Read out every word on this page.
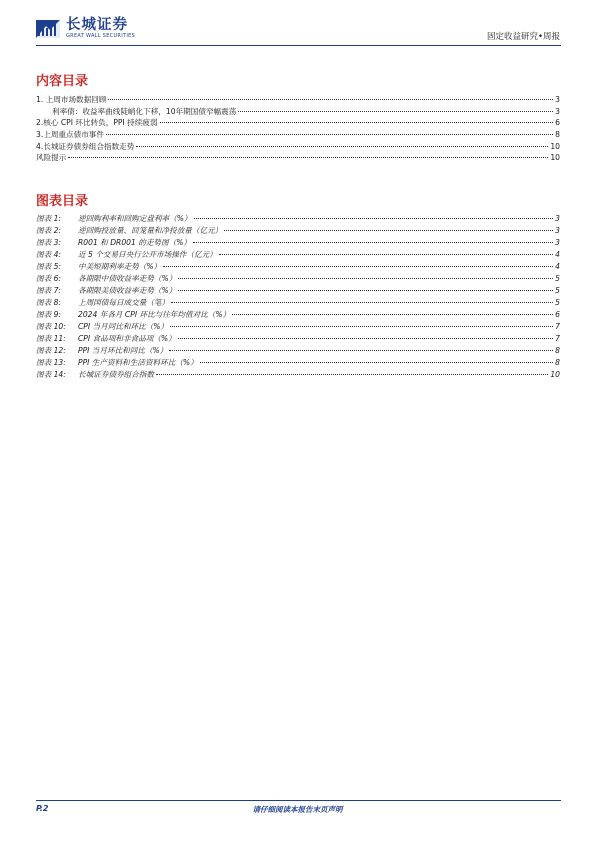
长城证券
GREAT WALL SECURITIES	固定收益研究•周报
内容目录
1. 上周市场数据回顾	3
利率债：收益率曲线陡峭化下移，10年期国债窄幅震荡	3
2.核心 CPI 环比转负，PPI 持续疲弱	6
3.上周重点债市事件	8
4.长城证券债券组合指数走势	10
风险提示	10
图表目录
图表 1:	逆回购利率和回购定盘利率（%）	3
图表 2:	逆回购投放量、回笼量和净投放量（亿元）	3
图表 3:	R001 和 DR001 的走势图（%）	3
图表 4:	近 5 个交易日央行公开市场操作（亿元）	4
图表 5:	中美短期利率走势（%）	4
图表 6:	各期限中债收益率走势（%）	5
图表 7:	各期限美债收益率走势（%）	5
图表 8:	上周国债每日成交量（笔）	5
图表 9:	2024 年各月 CPI 环比与往年均值对比（%）	6
图表 10:	CPI 当月同比和环比（%）	7
图表 11:	CPI 食品项和非食品项（%）	7
图表 12:	PPI 当月环比和同比（%）	8
图表 13:	PPI 生产资料和生活资料环比（%）	8
图表 14:	长城证券债券组合指数	10
P.2	请仔细阅读本报告末页声明
